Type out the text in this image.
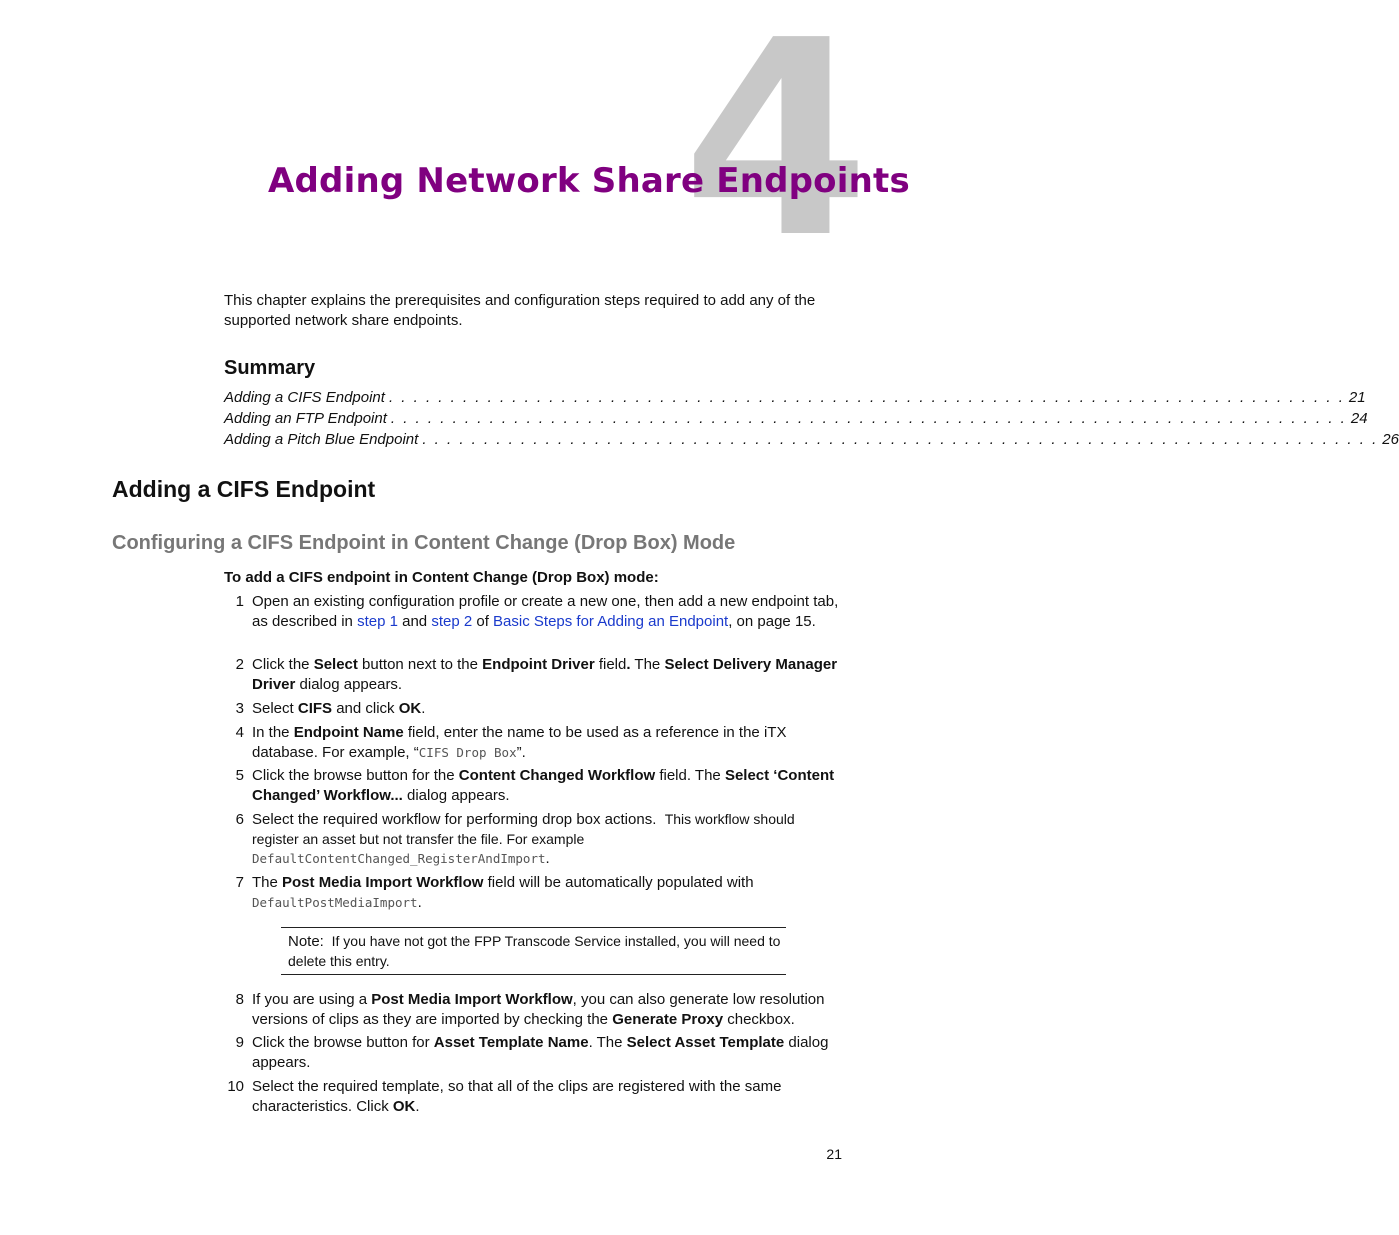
4
Adding Network Share Endpoints
This chapter explains the prerequisites and configuration steps required to add any of the supported network share endpoints.
Summary
Adding a CIFS Endpoint . . . . . . . . . . . . . . . . . . . . . . . . . . . . . . . . . . . . . . . . . . . . . . . . . . . . . . . . . . . . . . . . . . . . . . . . . . . . . . 21
Adding an FTP Endpoint . . . . . . . . . . . . . . . . . . . . . . . . . . . . . . . . . . . . . . . . . . . . . . . . . . . . . . . . . . . . . . . . . . . . . . . . . . . . . . 24
Adding a Pitch Blue Endpoint . . . . . . . . . . . . . . . . . . . . . . . . . . . . . . . . . . . . . . . . . . . . . . . . . . . . . . . . . . . . . . . . . . . . . . . . . . . . . . 26
Adding a CIFS Endpoint
Configuring a CIFS Endpoint in Content Change (Drop Box) Mode
To add a CIFS endpoint in Content Change (Drop Box) mode:
1 Open an existing configuration profile or create a new one, then add a new endpoint tab, as described in step 1 and step 2 of Basic Steps for Adding an Endpoint, on page 15.
2 Click the Select button next to the Endpoint Driver field. The Select Delivery Manager Driver dialog appears.
3 Select CIFS and click OK.
4 In the Endpoint Name field, enter the name to be used as a reference in the iTX database. For example, “CIFS Drop Box”.
5 Click the browse button for the Content Changed Workflow field. The Select ‘Content Changed’ Workflow... dialog appears.
6 Select the required workflow for performing drop box actions. This workflow should register an asset but not transfer the file. For example
DefaultContentChanged_RegisterAndImport.
7 The Post Media Import Workflow field will be automatically populated with
DefaultPostMediaImport.
Note: If you have not got the FPP Transcode Service installed, you will need to delete this entry.
8 If you are using a Post Media Import Workflow, you can also generate low resolution versions of clips as they are imported by checking the Generate Proxy checkbox.
9 Click the browse button for Asset Template Name. The Select Asset Template dialog appears.
10 Select the required template, so that all of the clips are registered with the same characteristics. Click OK.
21
